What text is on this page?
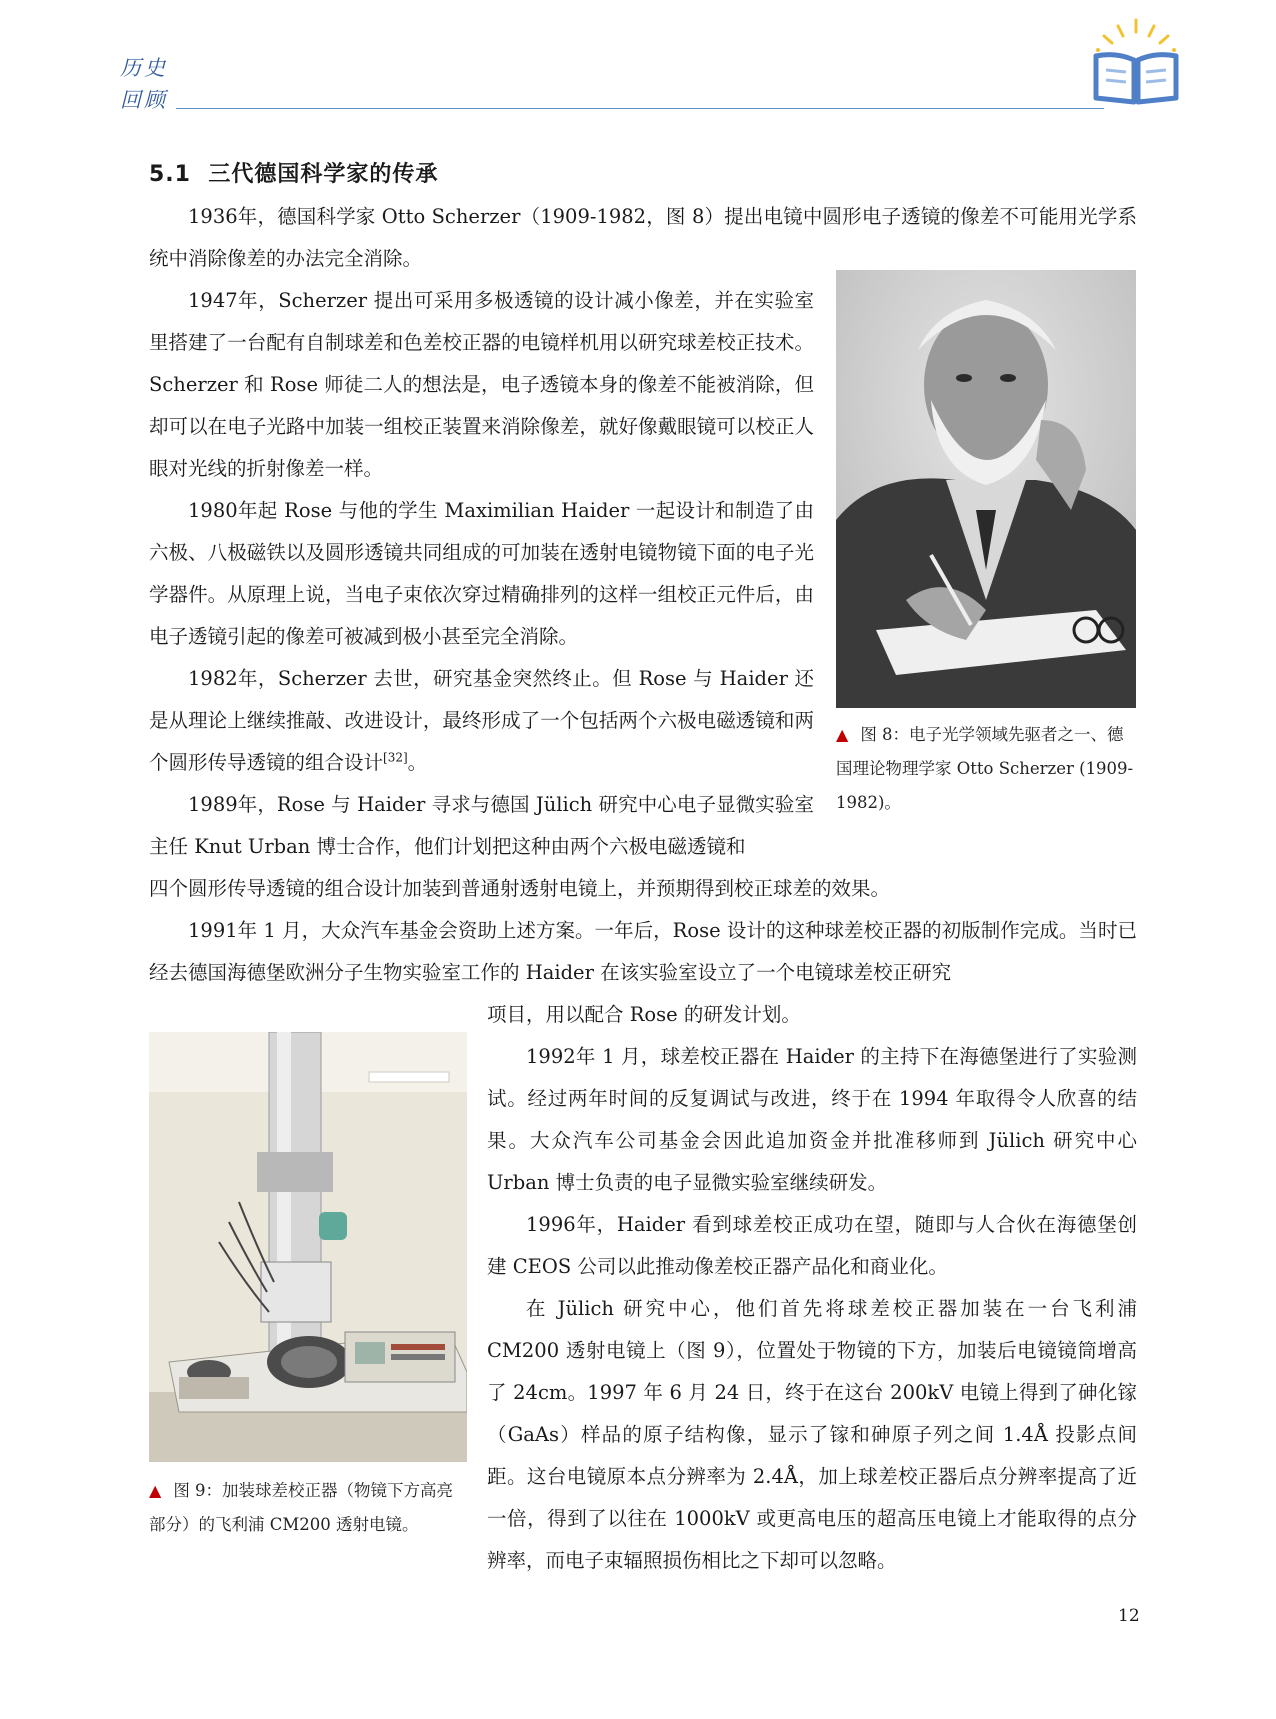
历史
回顾
5.1 三代德国科学家的传承

1936年，德国科学家 Otto Scherzer（1909-1982，图 8）提出电镜中圆形电子透镜的像差不可能用光学系统中消除像差的办法完全消除。

1947年，Scherzer 提出可采用多极透镜的设计减小像差，并在实验室里搭建了一台配有自制球差和色差校正器的电镜样机用以研究球差校正技术。Scherzer 和 Rose 师徒二人的想法是，电子透镜本身的像差不能被消除，但却可以在电子光路中加装一组校正装置来消除像差，就好像戴眼镜可以校正人眼对光线的折射像差一样。

1980年起 Rose 与他的学生 Maximilian Haider 一起设计和制造了由六极、八极磁铁以及圆形透镜共同组成的可加装在透射电镜物镜下面的电子光学器件。从原理上说，当电子束依次穿过精确排列的这样一组校正元件后，由电子透镜引起的像差可被减到极小甚至完全消除。

1982年，Scherzer 去世，研究基金突然终止。但 Rose 与 Haider 还是从理论上继续推敲、改进设计，最终形成了一个包括两个六极电磁透镜和两个圆形传导透镜的组合设计[32]。

1989年，Rose 与 Haider 寻求与德国 Jülich 研究中心电子显微实验室主任 Knut Urban 博士合作，他们计划把这种由两个六极电磁透镜和

四个圆形传导透镜的组合设计加装到普通射透射电镜上，并预期得到校正球差的效果。

▲ 图 8：电子光学领域先驱者之一、德国理论物理学家 Otto Scherzer (1909-1982)。

1991年 1 月，大众汽车基金会资助上述方案。一年后，Rose 设计的这种球差校正器的初版制作完成。当时已经去德国海德堡欧洲分子生物实验室工作的 Haider 在该实验室设立了一个电镜球差校正研究

项目，用以配合 Rose 的研发计划。

▲ 图 9：加装球差校正器（物镜下方高亮部分）的飞利浦 CM200 透射电镜。

1992年 1 月，球差校正器在 Haider 的主持下在海德堡进行了实验测试。经过两年时间的反复调试与改进，终于在 1994 年取得令人欣喜的结果。大众汽车公司基金会因此追加资金并批准移师到 Jülich 研究中心 Urban 博士负责的电子显微实验室继续研发。

1996年，Haider 看到球差校正成功在望，随即与人合伙在海德堡创建 CEOS 公司以此推动像差校正器产品化和商业化。

在 Jülich 研究中心，他们首先将球差校正器加装在一台飞利浦 CM200 透射电镜上（图 9），位置处于物镜的下方，加装后电镜镜筒增高了 24cm。1997 年 6 月 24 日，终于在这台 200kV 电镜上得到了砷化镓（GaAs）样品的原子结构像，显示了镓和砷原子列之间 1.4Å 投影点间距。这台电镜原本点分辨率为 2.4Å，加上球差校正器后点分辨率提高了近一倍，得到了以往在 1000kV 或更高电压的超高压电镜上才能取得的点分辨率，而电子束辐照损伤相比之下却可以忽略。

12
